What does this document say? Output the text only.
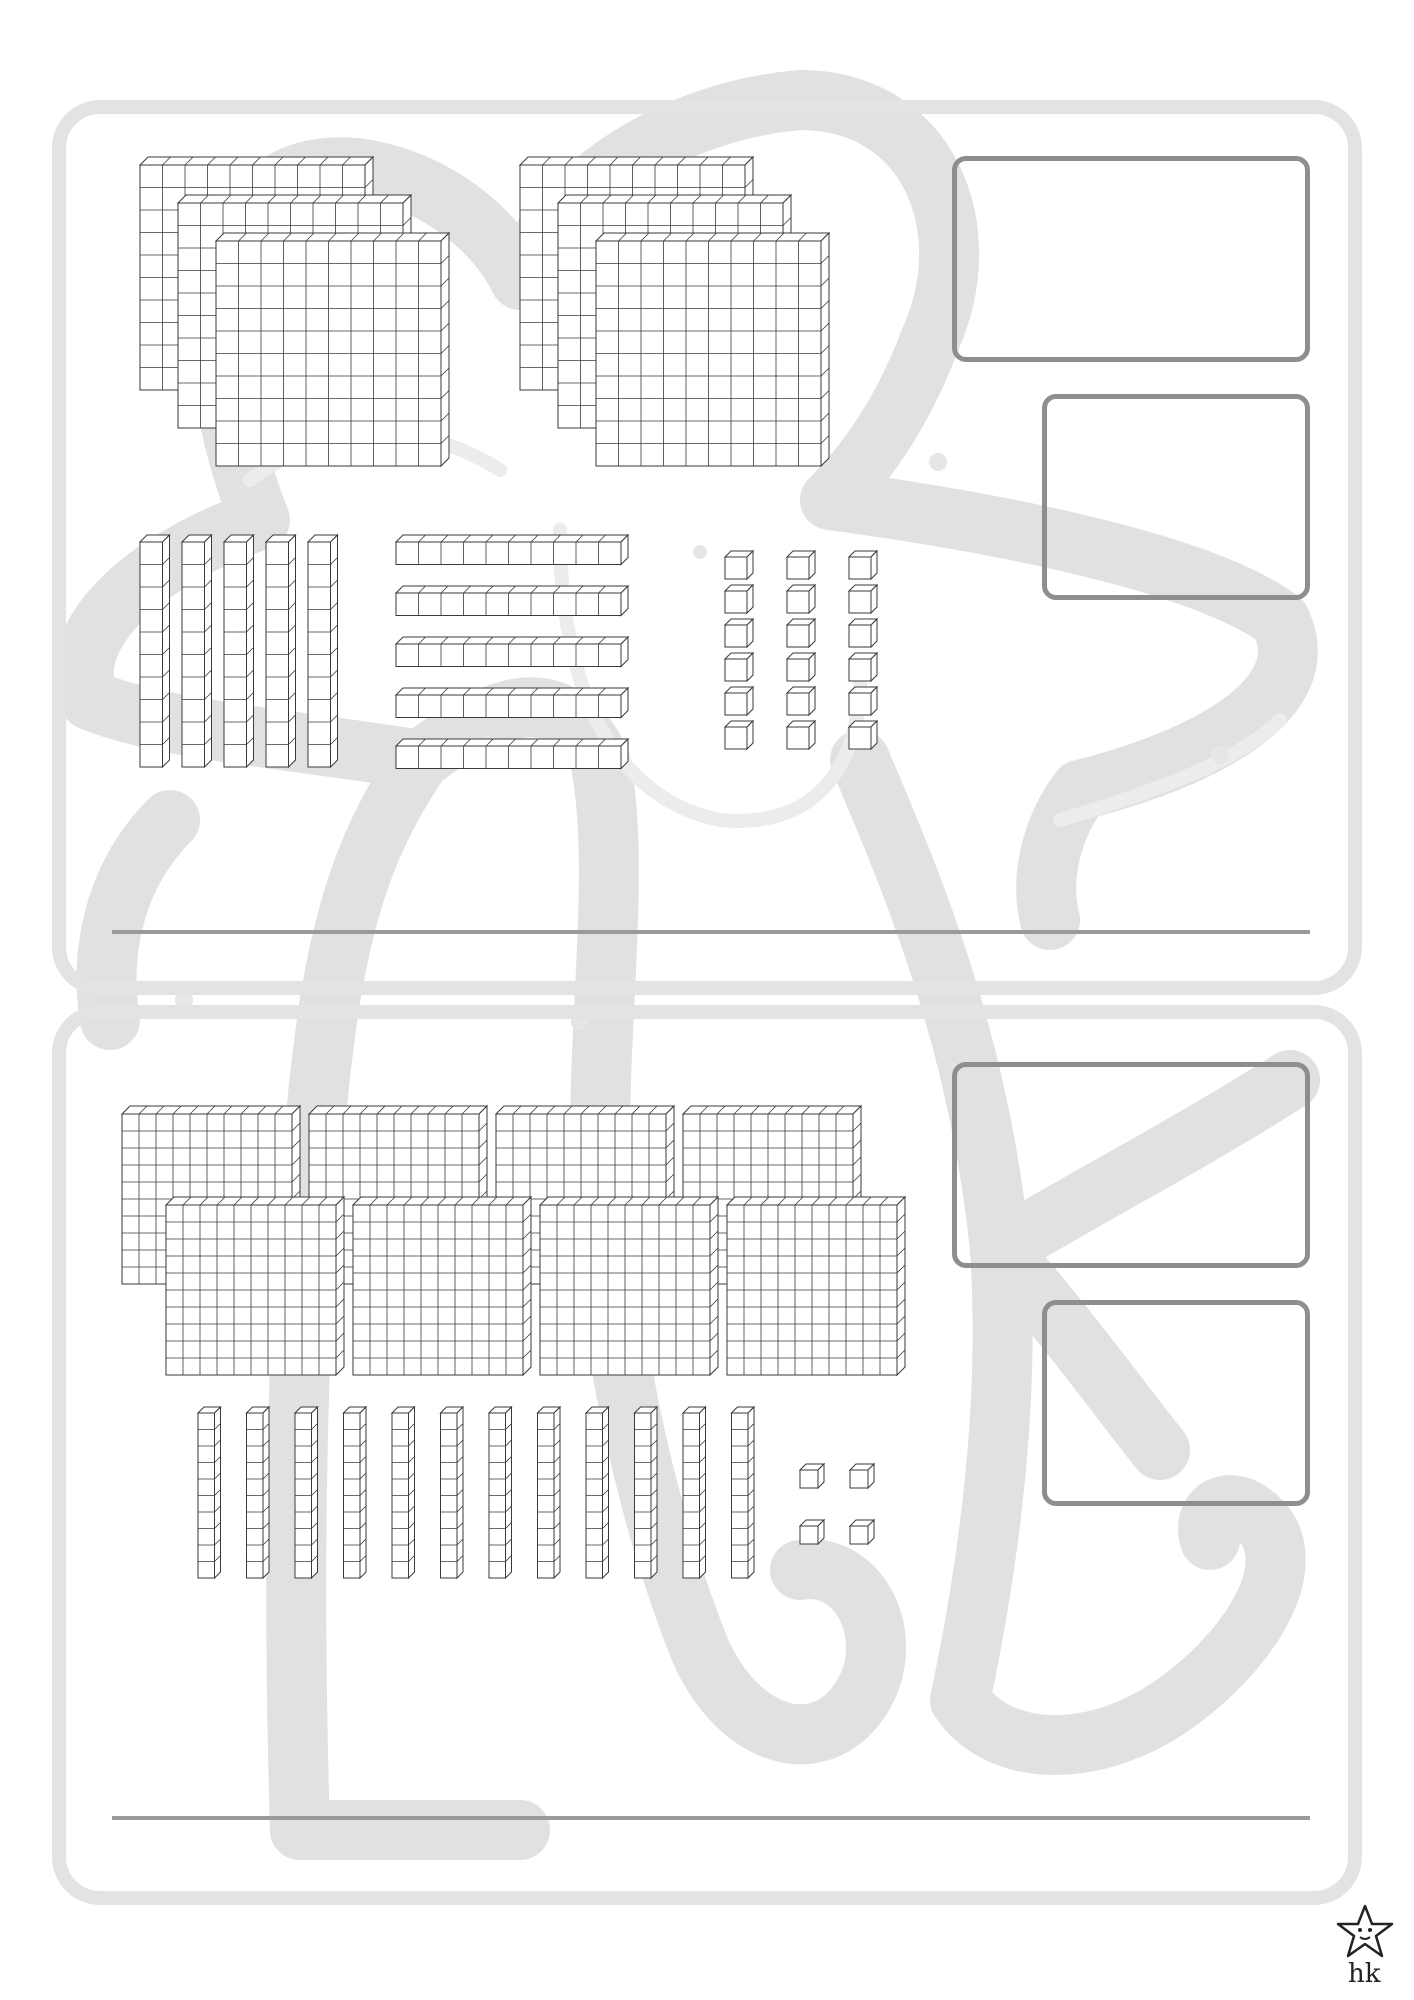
hk
